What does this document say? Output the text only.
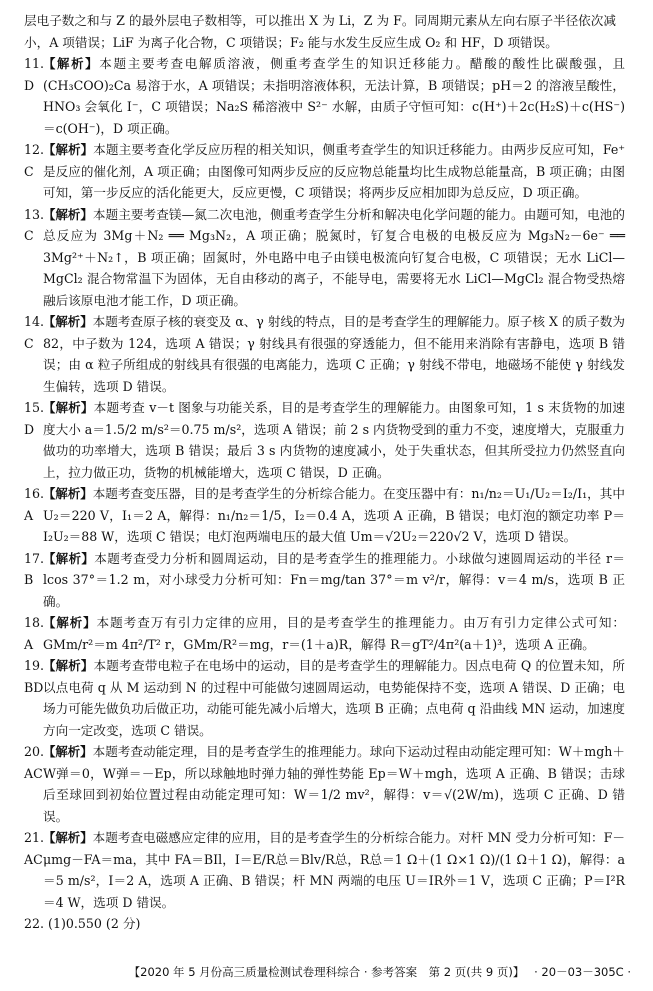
层电子数之和与 Z 的最外层电子数相等，可以推出 X 为 Li，Z 为 F。同周期元素从左向右原子半径依次减

小，A 项错误；LiF 为离子化合物，C 项错误；F₂ 能与水发生反应生成 O₂ 和 HF，D 项错误。

11. D
【解析】本题主要考查电解质溶液，侧重考查学生的知识迁移能力。醋酸的酸性比碳酸强，且(CH₃COO)₂Ca 易溶于水，A 项错误；未指明溶液体积，无法计算，B 项错误；pH＝2 的溶液呈酸性，HNO₃ 会氧化 I⁻，C 项错误；Na₂S 稀溶液中 S²⁻ 水解，由质子守恒可知：c(H⁺)＋2c(H₂S)＋c(HS⁻)＝c(OH⁻)，D 项正确。
12. C
【解析】本题主要考查化学反应历程的相关知识，侧重考查学生的知识迁移能力。由两步反应可知，Fe⁺ 是反应的催化剂，A 项正确；由图像可知两步反应的反应物总能量均比生成物总能量高，B 项正确；由图可知，第一步反应的活化能更大，反应更慢，C 项错误；将两步反应相加即为总反应，D 项正确。
13. C
【解析】本题主要考查镁—氮二次电池，侧重考查学生分析和解决电化学问题的能力。由题可知，电池的总反应为 3Mg＋N₂ ══ Mg₃N₂，A 项正确；脱氮时，钌复合电极的电极反应为 Mg₃N₂－6e⁻ ══ 3Mg²⁺＋N₂↑，B 项正确；固氮时，外电路中电子由镁电极流向钌复合电极，C 项错误；无水 LiCl—MgCl₂ 混合物常温下为固体，无自由移动的离子，不能导电，需要将无水 LiCl—MgCl₂ 混合物受热熔融后该原电池才能工作，D 项正确。
14. C
【解析】本题考查原子核的衰变及 α、γ 射线的特点，目的是考查学生的理解能力。原子核 X 的质子数为 82，中子数为 124，选项 A 错误；γ 射线具有很强的穿透能力，但不能用来消除有害静电，选项 B 错误；由 α 粒子所组成的射线具有很强的电离能力，选项 C 正确；γ 射线不带电，地磁场不能使 γ 射线发生偏转，选项 D 错误。
15. D
【解析】本题考查 v－t 图象与功能关系，目的是考查学生的理解能力。由图象可知，1 s 末货物的加速度大小 a＝1.5/2 m/s²＝0.75 m/s²，选项 A 错误；前 2 s 内货物受到的重力不变，速度增大，克服重力做功的功率增大，选项 B 错误；最后 3 s 内货物的速度减小，处于失重状态，但其所受拉力仍然竖直向上，拉力做正功，货物的机械能增大，选项 C 错误，D 正确。
16. A
【解析】本题考查变压器，目的是考查学生的分析综合能力。在变压器中有：n₁/n₂＝U₁/U₂＝I₂/I₁，其中 U₂＝220 V，I₁＝2 A，解得：n₁/n₂＝1/5，I₂＝0.4 A，选项 A 正确，B 错误；电灯泡的额定功率 P＝I₂U₂＝88 W，选项 C 错误；电灯泡两端电压的最大值 Um＝√2U₂＝220√2 V，选项 D 错误。
17. B
【解析】本题考查受力分析和圆周运动，目的是考查学生的推理能力。小球做匀速圆周运动的半径 r＝lcos 37°＝1.2 m，对小球受力分析可知：Fn＝mg/tan 37°＝m v²/r，解得：v＝4 m/s，选项 B 正确。
18. A
【解析】本题考查万有引力定律的应用，目的是考查学生的推理能力。由万有引力定律公式可知：GMm/r²＝m 4π²/T² r，GMm/R²＝mg，r＝(1＋a)R，解得 R＝gT²/4π²(a＋1)³，选项 A 正确。
19. BD
【解析】本题考查带电粒子在电场中的运动，目的是考查学生的理解能力。因点电荷 Q 的位置未知，所以点电荷 q 从 M 运动到 N 的过程中可能做匀速圆周运动，电势能保持不变，选项 A 错误、D 正确；电场力可能先做负功后做正功，动能可能先减小后增大，选项 B 正确；点电荷 q 沿曲线 MN 运动，加速度方向一定改变，选项 C 错误。
20. AC
【解析】本题考查动能定理，目的是考查学生的推理能力。球向下运动过程由动能定理可知：W＋mgh＋W弹＝0，W弹＝－Ep，所以球触地时弹力轴的弹性势能 Ep＝W＋mgh，选项 A 正确、B 错误；击球后至球回到初始位置过程由动能定理可知：W＝1/2 mv²，解得：v＝√(2W/m)，选项 C 正确、D 错误。
21. AC
【解析】本题考查电磁感应定律的应用，目的是考查学生的分析综合能力。对杆 MN 受力分析可知：F－μmg－FA＝ma，其中 FA＝BIl，I＝E/R总＝Blv/R总，R总＝1 Ω＋(1 Ω×1 Ω)/(1 Ω＋1 Ω)，解得：a＝5 m/s²，I＝2 A，选项 A 正确、B 错误；杆 MN 两端的电压 U＝IR外＝1 V，选项 C 正确；P＝I²R＝4 W，选项 D 错误。

22. (1)0.550 (2 分)

【2020 年 5 月份高三质量检测试卷理科综合 · 参考答案　第 2 页(共 9 页)】 · 20－03－305C ·
